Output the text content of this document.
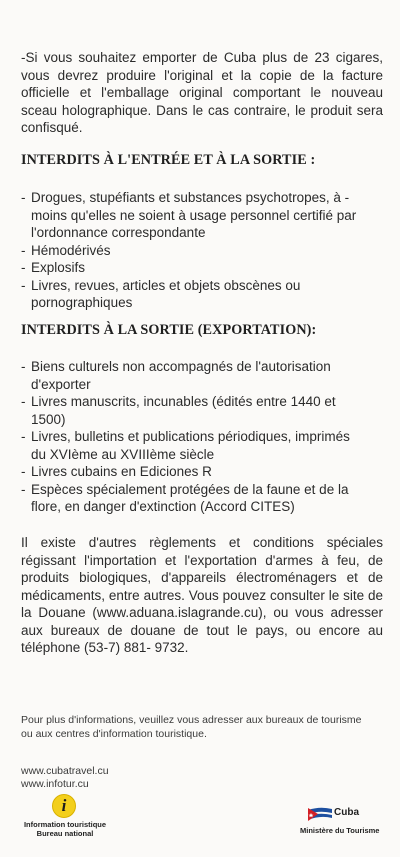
-Si vous souhaitez emporter de Cuba plus de 23 cigares, vous devrez produire l'original et la copie de la facture officielle et l'emballage original comportant le nouveau sceau holographique. Dans le cas contraire, le produit sera confisqué.

INTERDITS À L'ENTRÉE ET À LA SORTIE :
- Drogues, stupéfiants et substances psychotropes, à - moins qu'elles ne soient à usage personnel certifié par l'ordonnance correspondante
- Hémodérivés
- Explosifs
- Livres, revues, articles et objets obscènes ou pornographiques
INTERDITS À LA SORTIE (EXPORTATION):
- Biens culturels non accompagnés de l'autorisation d'exporter
- Livres manuscrits, incunables (édités entre 1440 et 1500)
- Livres, bulletins et publications périodiques, imprimés du XVIème au XVIIIème siècle
- Livres cubains en Ediciones R
- Espèces spécialement protégées de la faune et de la flore, en danger d'extinction (Accord CITES)

Il existe d'autres règlements et conditions spéciales régissant l'importation et l'exportation d'armes à feu, de produits biologiques, d'appareils électroménagers et de médicaments, entre autres. Vous pouvez consulter le site de la Douane (www.aduana.islagrande.cu), ou vous adresser aux bureaux de douane de tout le pays, ou encore au téléphone (53-7) 881- 9732.

Pour plus d'informations, veuillez vous adresser aux bureaux de tourisme ou aux centres d'information touristique.

www.cubatravel.cu
www.infotur.cu
i
Information touristique
Bureau national
Cuba
Ministère du Tourisme
